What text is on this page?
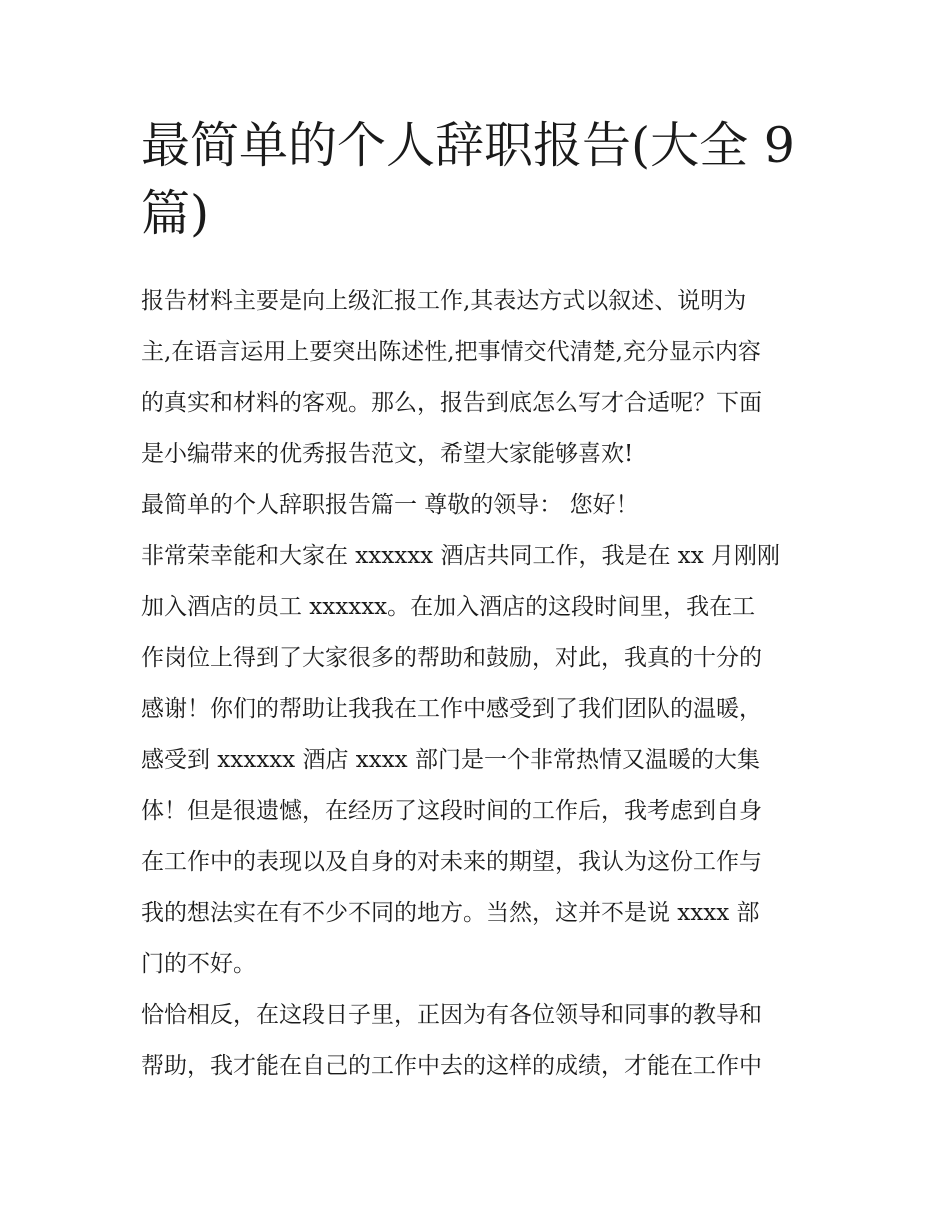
最简单的个人辞职报告(大全 9
篇)
报告材料主要是向上级汇报工作,其表达方式以叙述、说明为
主,在语言运用上要突出陈述性,把事情交代清楚,充分显示内容
的真实和材料的客观。那么，报告到底怎么写才合适呢？下面
是小编带来的优秀报告范文，希望大家能够喜欢!
最简单的个人辞职报告篇一 尊敬的领导： 您好！
非常荣幸能和大家在 xxxxxx 酒店共同工作，我是在 xx 月刚刚
加入酒店的员工 xxxxxx。在加入酒店的这段时间里，我在工
作岗位上得到了大家很多的帮助和鼓励，对此，我真的十分的
感谢！你们的帮助让我我在工作中感受到了我们团队的温暖，
感受到 xxxxxx 酒店 xxxx 部门是一个非常热情又温暖的大集
体！但是很遗憾，在经历了这段时间的工作后，我考虑到自身
在工作中的表现以及自身的对未来的期望，我认为这份工作与
我的想法实在有不少不同的地方。当然，这并不是说 xxxx 部
门的不好。
恰恰相反，在这段日子里，正因为有各位领导和同事的教导和
帮助，我才能在自己的工作中去的这样的成绩，才能在工作中
